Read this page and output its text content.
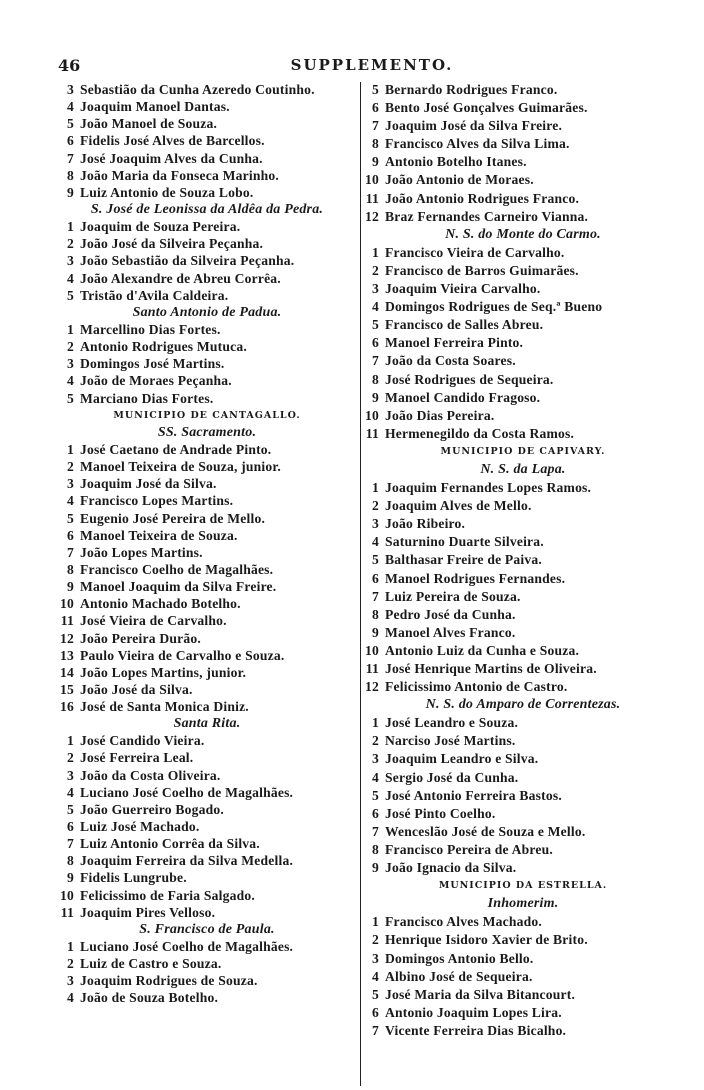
46	SUPPLEMENTO.
3 Sebastião da Cunha Azeredo Coutinho.
4 Joaquim Manoel Dantas.
5 João Manoel de Souza.
6 Fidelis José Alves de Barcellos.
7 José Joaquim Alves da Cunha.
8 João Maria da Fonseca Marinho.
9 Luiz Antonio de Souza Lobo.
S. José de Leonissa da Aldêa da Pedra.
1 Joaquim de Souza Pereira.
2 João José da Silveira Peçanha.
3 João Sebastião da Silveira Peçanha.
4 João Alexandre de Abreu Corrêa.
5 Tristão d'Avila Caldeira.
Santo Antonio de Padua.
1 Marcellino Dias Fortes.
2 Antonio Rodrigues Mutuca.
3 Domingos José Martins.
4 João de Moraes Peçanha.
5 Marciano Dias Fortes.
MUNICIPIO DE CANTAGALLO.
SS. Sacramento.
1 José Caetano de Andrade Pinto.
2 Manoel Teixeira de Souza, junior.
3 Joaquim José da Silva.
4 Francisco Lopes Martins.
5 Eugenio José Pereira de Mello.
6 Manoel Teixeira de Souza.
7 João Lopes Martins.
8 Francisco Coelho de Magalhães.
9 Manoel Joaquim da Silva Freire.
10 Antonio Machado Botelho.
11 José Vieira de Carvalho.
12 João Pereira Durão.
13 Paulo Vieira de Carvalho e Souza.
14 João Lopes Martins, junior.
15 João José da Silva.
16 José de Santa Monica Diniz.
Santa Rita.
1 José Candido Vieira.
2 José Ferreira Leal.
3 João da Costa Oliveira.
4 Luciano José Coelho de Magalhães.
5 João Guerreiro Bogado.
6 Luiz José Machado.
7 Luiz Antonio Corrêa da Silva.
8 Joaquim Ferreira da Silva Medella.
9 Fidelis Lungrube.
10 Felicissimo de Faria Salgado.
11 Joaquim Pires Velloso.
S. Francisco de Paula.
1 Luciano José Coelho de Magalhães.
2 Luiz de Castro e Souza.
3 Joaquim Rodrigues de Souza.
4 João de Souza Botelho.
5 Bernardo Rodrigues Franco.
6 Bento José Gonçalves Guimarães.
7 Joaquim José da Silva Freire.
8 Francisco Alves da Silva Lima.
9 Antonio Botelho Itanes.
10 João Antonio de Moraes.
11 João Antonio Rodrigues Franco.
12 Braz Fernandes Carneiro Vianna.
N. S. do Monte do Carmo.
1 Francisco Vieira de Carvalho.
2 Francisco de Barros Guimarães.
3 Joaquim Vieira Carvalho.
4 Domingos Rodrigues de Seq.ª Bueno
5 Francisco de Salles Abreu.
6 Manoel Ferreira Pinto.
7 João da Costa Soares.
8 José Rodrigues de Sequeira.
9 Manoel Candido Fragoso.
10 João Dias Pereira.
11 Hermenegildo da Costa Ramos.
MUNICIPIO DE CAPIVARY.
N. S. da Lapa.
1 Joaquim Fernandes Lopes Ramos.
2 Joaquim Alves de Mello.
3 João Ribeiro.
4 Saturnino Duarte Silveira.
5 Balthasar Freire de Paiva.
6 Manoel Rodrigues Fernandes.
7 Luiz Pereira de Souza.
8 Pedro José da Cunha.
9 Manoel Alves Franco.
10 Antonio Luiz da Cunha e Souza.
11 José Henrique Martins de Oliveira.
12 Felicissimo Antonio de Castro.
N. S. do Amparo de Correntezas.
1 José Leandro e Souza.
2 Narciso José Martins.
3 Joaquim Leandro e Silva.
4 Sergio José da Cunha.
5 José Antonio Ferreira Bastos.
6 José Pinto Coelho.
7 Wenceslão José de Souza e Mello.
8 Francisco Pereira de Abreu.
9 João Ignacio da Silva.
MUNICIPIO DA ESTRELLA.
Inhomerim.
1 Francisco Alves Machado.
2 Henrique Isidoro Xavier de Brito.
3 Domingos Antonio Bello.
4 Albino José de Sequeira.
5 José Maria da Silva Bitancourt.
6 Antonio Joaquim Lopes Lira.
7 Vicente Ferreira Dias Bicalho.
